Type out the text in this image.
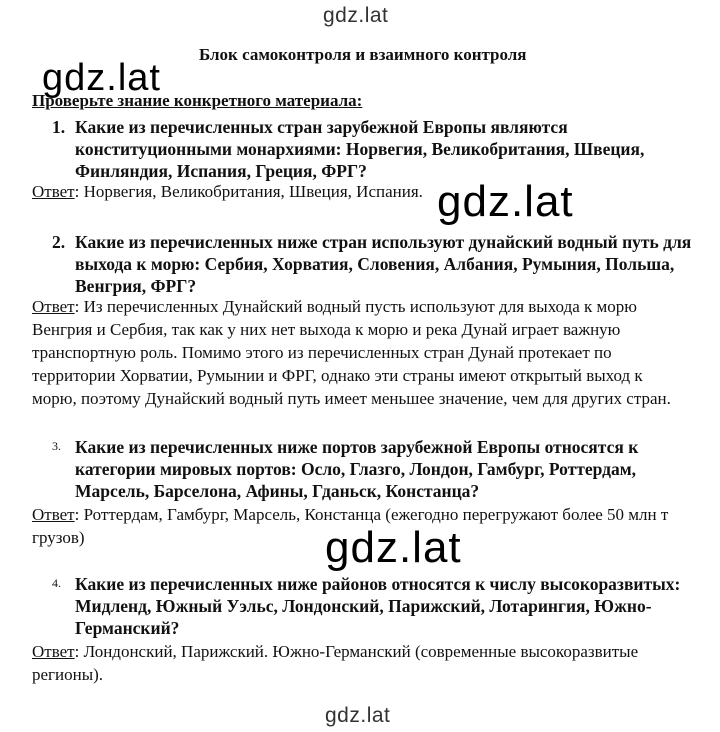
gdz.lat
gdz.lat
gdz.lat
gdz.lat
gdz.lat
Блок самоконтроля и взаимного контроля
Проверьте знание конкретного материала:
1. Какие из перечисленных стран зарубежной Европы являются
конституционными монархиями: Норвегия, Великобритания, Швеция,
Финляндия, Испания, Греция, ФРГ?
Ответ: Норвегия, Великобритания, Швеция, Испания.
2. Какие из перечисленных ниже стран используют дунайский водный путь для
выхода к морю: Сербия, Хорватия, Словения, Албания, Румыния, Польша,
Венгрия, ФРГ?
Ответ: Из перечисленных Дунайский водный пусть используют для выхода к морю
Венгрия и Сербия, так как у них нет выхода к морю и река Дунай играет важную
транспортную роль. Помимо этого из перечисленных стран Дунай протекает по
территории Хорватии, Румынии и ФРГ, однако эти страны имеют открытый выход к
морю, поэтому Дунайский водный путь имеет меньшее значение, чем для других стран.
3. Какие из перечисленных ниже портов зарубежной Европы относятся к
категории мировых портов: Осло, Глазго, Лондон, Гамбург, Роттердам,
Марсель, Барселона, Афины, Гданьск, Констанца?
Ответ: Роттердам, Гамбург, Марсель, Констанца (ежегодно перегружают более 50 млн т
грузов)
4. Какие из перечисленных ниже районов относятся к числу высокоразвитых:
Мидленд, Южный Уэльс, Лондонский, Парижский, Лотарингия, Южно-
Германский?
Ответ: Лондонский, Парижский. Южно-Германский (современные высокоразвитые
регионы).
